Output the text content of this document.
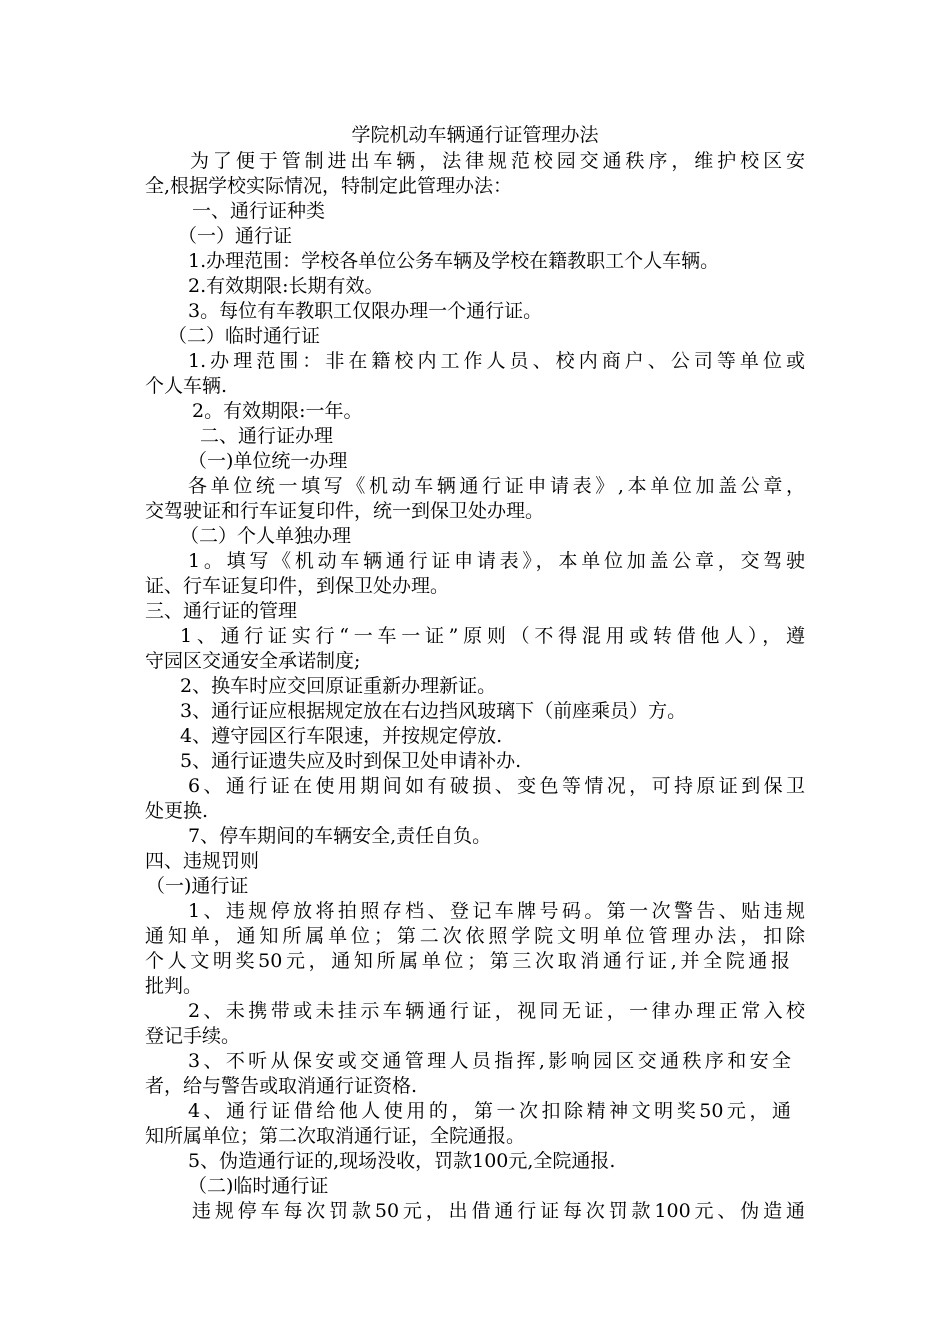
学院机动车辆通行证管理办法
为了便于管制进出车辆，法律规范校园交通秩序，维护校区安
全,根据学校实际情况，特制定此管理办法：
一、通行证种类
（一）通行证
1.办理范围：学校各单位公务车辆及学校在籍教职工个人车辆。
2.有效期限:长期有效。
3。每位有车教职工仅限办理一个通行证。
（二）临时通行证
1.办理范围：非在籍校内工作人员、校内商户、公司等单位或
个人车辆.
2。有效期限:一年。
二、通行证办理
（一)单位统一办理
各单位统一填写《机动车辆通行证申请表》,本单位加盖公章，
交驾驶证和行车证复印件，统一到保卫处办理。
（二）个人单独办理
1。填写《机动车辆通行证申请表》，本单位加盖公章，交驾驶
证、行车证复印件，到保卫处办理。
三、通行证的管理
1、通行证实行“一车一证”原则（不得混用或转借他人），遵
守园区交通安全承诺制度;
2、换车时应交回原证重新办理新证。
3、通行证应根据规定放在右边挡风玻璃下（前座乘员）方。
4、遵守园区行车限速，并按规定停放.
5、通行证遗失应及时到保卫处申请补办.
6、通行证在使用期间如有破损、变色等情况，可持原证到保卫
处更换.
7、停车期间的车辆安全,责任自负。
四、违规罚则
（一)通行证
1、违规停放将拍照存档、登记车牌号码。第一次警告、贴违规
通知单，通知所属单位；第二次依照学院文明单位管理办法，扣除
个人文明奖50元，通知所属单位；第三次取消通行证,并全院通报
批判。
2、未携带或未挂示车辆通行证，视同无证，一律办理正常入校
登记手续。
3、不听从保安或交通管理人员指挥,影响园区交通秩序和安全
者，给与警告或取消通行证资格.
4、通行证借给他人使用的，第一次扣除精神文明奖50元，通
知所属单位；第二次取消通行证，全院通报。
5、伪造通行证的,现场没收，罚款100元,全院通报.
（二)临时通行证
违规停车每次罚款50元，出借通行证每次罚款100元、伪造通
